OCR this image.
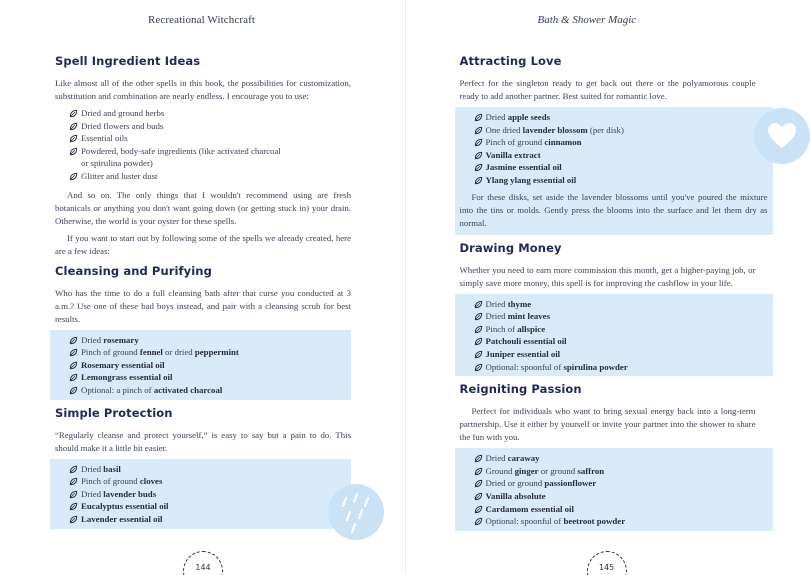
Recreational Witchcraft
Spell Ingredient Ideas

Like almost all of the other spells in this book, the possibilities for customization, substitution and combination are nearly endless. I encourage you to use:

Dried and ground herbs
Dried flowers and buds
Essential oils
Powdered, body-safe ingredients (like activated charcoal
or spirulina powder)
Glitter and luster dust

And so on. The only things that I wouldn't recommend using are fresh botanicals or anything you don't want going down (or getting stuck in) your drain. Otherwise, the world is your oyster for these spells.

If you want to start out by following some of the spells we already created, here are a few ideas:

Cleansing and Purifying

Who has the time to do a full cleansing bath after that curse you conducted at 3 a.m.? Use one of these bad boys instead, and pair with a cleansing scrub for best results.

Dried rosemary
Pinch of ground fennel or dried peppermint
Rosemary essential oil
Lemongrass essential oil
Optional: a pinch of activated charcoal
Simple Protection

“Regularly cleanse and protect yourself,” is easy to say but a pain to do. This should make it a little bit easier.

Dried basil
Pinch of ground cloves
Dried lavender buds
Eucalyptus essential oil
Lavender essential oil
144
Bath & Shower Magic
Attracting Love

Perfect for the singleton ready to get back out there or the polyamorous couple ready to add another partner. Best suited for romantic love.

Dried apple seeds
One dried lavender blossom (per disk)
Pinch of ground cinnamon
Vanilla extract
Jasmine essential oil
Ylang ylang essential oil

For these disks, set aside the lavender blossoms until you've poured the mixture into the tins or molds. Gently press the blooms into the surface and let them dry as normal.

Drawing Money

Whether you need to earn more commission this month, get a higher-paying job, or simply save more money, this spell is for improving the cashflow in your life.

Dried thyme
Dried mint leaves
Pinch of allspice
Patchouli essential oil
Juniper essential oil
Optional: spoonful of spirulina powder
Reigniting Passion

Perfect for individuals who want to bring sexual energy back into a long-term partnership. Use it either by yourself or invite your partner into the shower to share the fun with you.

Dried caraway
Ground ginger or ground saffron
Dried or ground passionflower
Vanilla absolute
Cardamom essential oil
Optional: spoonful of beetroot powder
145
